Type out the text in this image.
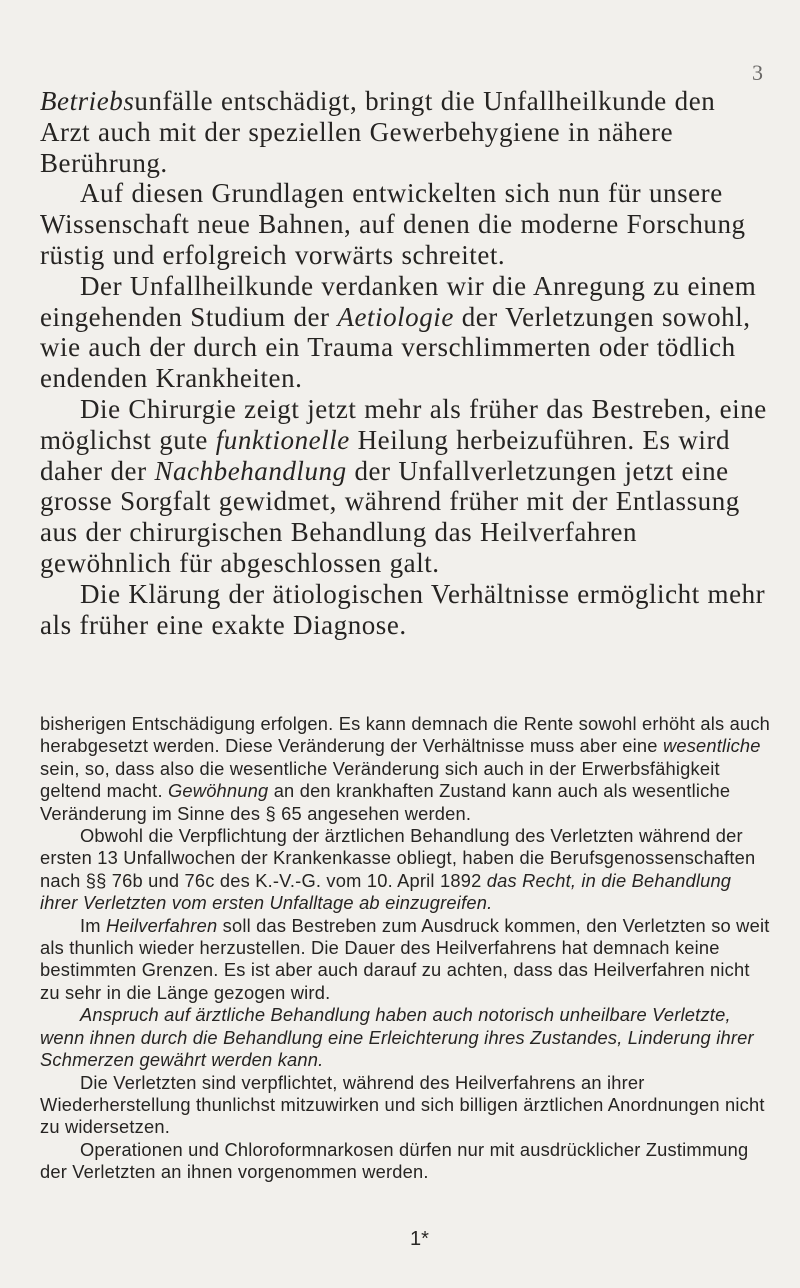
3

Betriebsunfälle entschädigt, bringt die Unfallheilkunde den Arzt auch mit der speziellen Gewerbehygiene in nähere Berührung.

Auf diesen Grundlagen entwickelten sich nun für unsere Wissenschaft neue Bahnen, auf denen die moderne Forschung rüstig und erfolgreich vorwärts schreitet.

Der Unfallheilkunde verdanken wir die Anregung zu einem eingehenden Studium der Aetiologie der Verletzungen sowohl, wie auch der durch ein Trauma verschlimmerten oder tödlich endenden Krankheiten.

Die Chirurgie zeigt jetzt mehr als früher das Bestreben, eine möglichst gute funktionelle Heilung herbeizuführen. Es wird daher der Nachbehandlung der Unfallverletzungen jetzt eine grosse Sorgfalt gewidmet, während früher mit der Entlassung aus der chirurgischen Behandlung das Heilverfahren gewöhnlich für abgeschlossen galt.

Die Klärung der ätiologischen Verhältnisse ermöglicht mehr als früher eine exakte Diagnose.

bisherigen Entschädigung erfolgen. Es kann demnach die Rente sowohl erhöht als auch herabgesetzt werden. Diese Veränderung der Verhältnisse muss aber eine wesentliche sein, so, dass also die wesentliche Veränderung sich auch in der Erwerbsfähigkeit geltend macht. Gewöhnung an den krankhaften Zustand kann auch als wesentliche Veränderung im Sinne des § 65 angesehen werden.

Obwohl die Verpflichtung der ärztlichen Behandlung des Verletzten während der ersten 13 Unfallwochen der Krankenkasse obliegt, haben die Berufsgenossenschaften nach §§ 76b und 76c des K.-V.-G. vom 10. April 1892 das Recht, in die Behandlung ihrer Verletzten vom ersten Unfalltage ab einzugreifen.

Im Heilverfahren soll das Bestreben zum Ausdruck kommen, den Verletzten so weit als thunlich wieder herzustellen. Die Dauer des Heilverfahrens hat demnach keine bestimmten Grenzen. Es ist aber auch darauf zu achten, dass das Heilverfahren nicht zu sehr in die Länge gezogen wird.

Anspruch auf ärztliche Behandlung haben auch notorisch unheilbare Verletzte, wenn ihnen durch die Behandlung eine Erleichterung ihres Zustandes, Linderung ihrer Schmerzen gewährt werden kann.

Die Verletzten sind verpflichtet, während des Heilverfahrens an ihrer Wiederherstellung thunlichst mitzuwirken und sich billigen ärztlichen Anordnungen nicht zu widersetzen.

Operationen und Chloroformnarkosen dürfen nur mit ausdrücklicher Zustimmung der Verletzten an ihnen vorgenommen werden.

1*
